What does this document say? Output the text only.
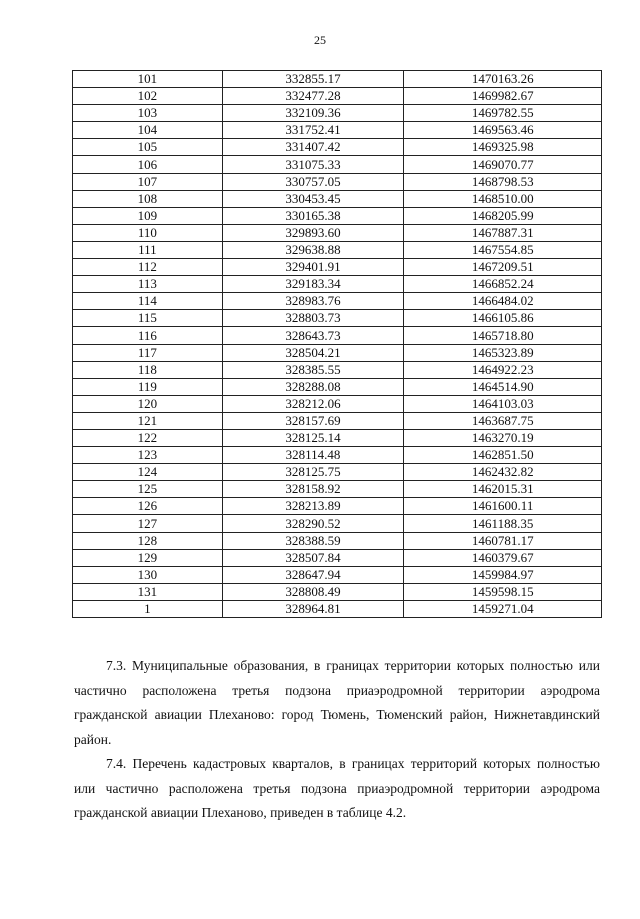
25
101	332855.17	1470163.26
102	332477.28	1469982.67
103	332109.36	1469782.55
104	331752.41	1469563.46
105	331407.42	1469325.98
106	331075.33	1469070.77
107	330757.05	1468798.53
108	330453.45	1468510.00
109	330165.38	1468205.99
110	329893.60	1467887.31
111	329638.88	1467554.85
112	329401.91	1467209.51
113	329183.34	1466852.24
114	328983.76	1466484.02
115	328803.73	1466105.86
116	328643.73	1465718.80
117	328504.21	1465323.89
118	328385.55	1464922.23
119	328288.08	1464514.90
120	328212.06	1464103.03
121	328157.69	1463687.75
122	328125.14	1463270.19
123	328114.48	1462851.50
124	328125.75	1462432.82
125	328158.92	1462015.31
126	328213.89	1461600.11
127	328290.52	1461188.35
128	328388.59	1460781.17
129	328507.84	1460379.67
130	328647.94	1459984.97
131	328808.49	1459598.15
1	328964.81	1459271.04

7.3. Муниципальные образования, в границах территории которых полностью или частично расположена третья подзона приаэродромной территории аэродрома гражданской авиации Плеханово: город Тюмень, Тюменский район, Нижнетавдинский район.

7.4. Перечень кадастровых кварталов, в границах территорий которых полностью или частично расположена третья подзона приаэродромной территории аэродрома гражданской авиации Плеханово, приведен в таблице 4.2.
